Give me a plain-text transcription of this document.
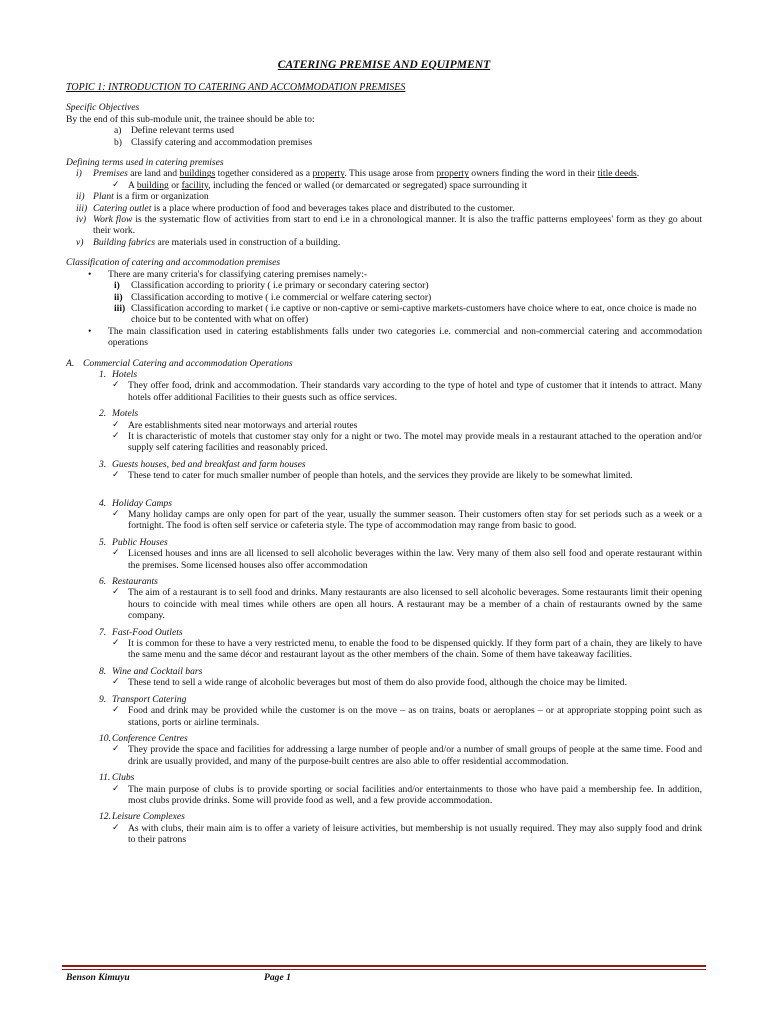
CATERING PREMISE AND EQUIPMENT

TOPIC 1: INTRODUCTION TO CATERING AND ACCOMMODATION PREMISES

Specific Objectives

By the end of this sub-module unit, the trainee should be able to:

a) Define relevant terms used
b) Classify catering and accommodation premises

Defining terms used in catering premises

i)	Premises are land and buildings together considered as a property. This usage arose from property owners finding the word in their title deeds.
✓ A building or facility, including the fenced or walled (or demarcated or segregated) space surrounding it
ii) Plant is a firm or organization
iii) Catering outlet is a place where production of food and beverages takes place and distributed to the customer.
iv) Work flow is the systematic flow of activities from start to end i.e in a chronological manner. It is also the traffic patterns employees' form as they go about their work.
v) Building fabrics are materials used in construction of a building.

Classification of catering and accommodation premises

•	There are many criteria's for classifying catering premises namely:-
i)	Classification according to priority ( i.e primary or secondary catering sector)
ii) Classification according to motive ( i.e commercial or welfare catering sector)
iii) Classification according to market ( i.e captive or non-captive or semi-captive markets-customers have choice where to eat, once choice is made no choice but to be contented with what on offer)
•	The main classification used in catering establishments falls under two categories i.e. commercial and non-commercial catering and accommodation operations
A. Commercial Catering and accommodation Operations
1. Hotels
✓ They offer food, drink and accommodation. Their standards vary according to the type of hotel and type of customer that it intends to attract. Many hotels offer additional Facilities to their guests such as office services.
2. Motels
✓ Are establishments sited near motorways and arterial routes
✓ It is characteristic of motels that customer stay only for a night or two. The motel may provide meals in a restaurant attached to the operation and/or supply self catering facilities and reasonably priced.
3. Guests houses, bed and breakfast and farm houses
✓ These tend to cater for much smaller number of people than hotels, and the services they provide are likely to be somewhat limited.
4. Holiday Camps
✓ Many holiday camps are only open for part of the year, usually the summer season. Their customers often stay for set periods such as a week or a fortnight. The food is often self service or cafeteria style. The type of accommodation may range from basic to good.
5. Public Houses
✓ Licensed houses and inns are all licensed to sell alcoholic beverages within the law. Very many of them also sell food and operate restaurant within the premises. Some licensed houses also offer accommodation
6. Restaurants
✓ The aim of a restaurant is to sell food and drinks. Many restaurants are also licensed to sell alcoholic beverages. Some restaurants limit their opening hours to coincide with meal times while others are open all hours. A restaurant may be a member of a chain of restaurants owned by the same company.
7. Fast-Food Outlets
✓ It is common for these to have a very restricted menu, to enable the food to be dispensed quickly. If they form part of a chain, they are likely to have the same menu and the same décor and restaurant layout as the other members of the chain. Some of them have takeaway facilities.
8. Wine and Cocktail bars
✓ These tend to sell a wide range of alcoholic beverages but most of them do also provide food, although the choice may be limited.
9. Transport Catering
✓ Food and drink may be provided while the customer is on the move – as on trains, boats or aeroplanes – or at appropriate stopping point such as stations, ports or airline terminals.
10. Conference Centres
✓ They provide the space and facilities for addressing a large number of people and/or a number of small groups of people at the same time. Food and drink are usually provided, and many of the purpose-built centres are also able to offer residential accommodation.
11. Clubs
✓ The main purpose of clubs is to provide sporting or social facilities and/or entertainments to those who have paid a membership fee. In addition, most clubs provide drinks. Some will provide food as well, and a few provide accommodation.
12. Leisure Complexes
✓ As with clubs, their main aim is to offer a variety of leisure activities, but membership is not usually required. They may also supply food and drink to their patrons
Benson Kimuyu	Page 1
